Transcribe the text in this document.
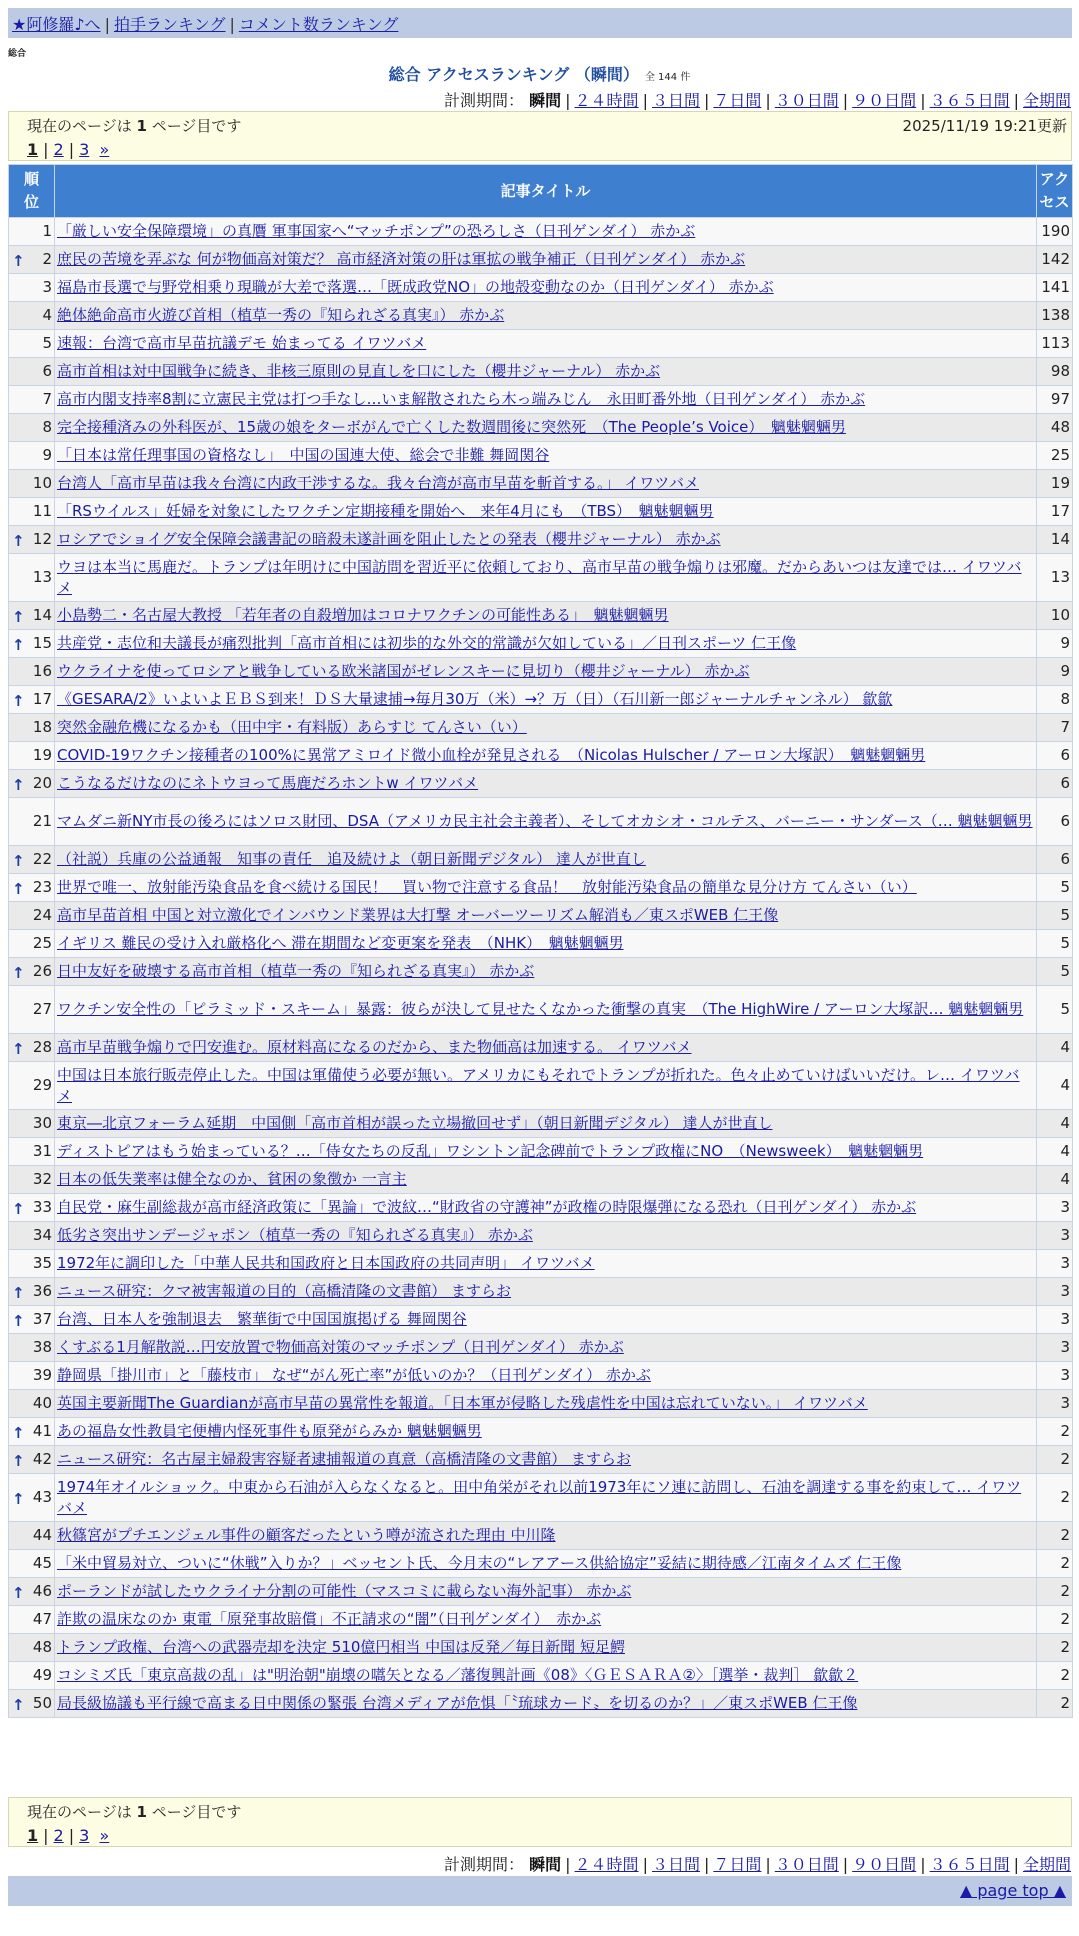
★阿修羅♪へ | 拍手ランキング | コメント数ランキング
総合
総合 アクセスランキング （瞬間） 全 144 件
計測期間： 瞬間 | ２４時間 | ３日間 | ７日間 | ３０日間 | ９０日間 | ３６５日間 | 全期間
現在のページは 1 ページ目です	2025/11/19 19:21更新
1 | 2 | 3 »
順位	記事タイトル	アクセス
1	「厳しい安全保障環境」の真贋 軍事国家へ“マッチポンプ”の恐ろしさ（日刊ゲンダイ） 赤かぶ	190

↑ 2	庶民の苦境を弄ぶな 何が物価高対策だ？ 高市経済対策の肝は軍拡の戦争補正（日刊ゲンダイ） 赤かぶ	142
3	福島市長選で与野党相乗り現職が大差で落選…「既成政党NO」の地殻変動なのか（日刊ゲンダイ） 赤かぶ	141
4	絶体絶命高市火遊び首相（植草一秀の『知られざる真実』） 赤かぶ	138
5	速報：台湾で高市早苗抗議デモ 始まってる イワツバメ	113
6	高市首相は対中国戦争に続き、非核三原則の見直しを口にした（櫻井ジャーナル） 赤かぶ	98
7	高市内閣支持率8割に立憲民主党は打つ手なし…いま解散されたら木っ端みじん　永田町番外地（日刊ゲンダイ） 赤かぶ	97
8	完全接種済みの外科医が、15歳の娘をターボがんで亡くした数週間後に突然死　（The People’s Voice）　魑魅魍魎男	48
9	「日本は常任理事国の資格なし」　中国の国連大使、総会で非難 舞岡関谷	25
10	台湾人「高市早苗は我々台湾に内政干渉するな。我々台湾が高市早苗を斬首する。」 イワツバメ	19
11	「RSウイルス」妊婦を対象にしたワクチン定期接種を開始へ　来年4月にも　（TBS）　魑魅魍魎男	17

↑ 12	ロシアでショイグ安全保障会議書記の暗殺未遂計画を阻止したとの発表（櫻井ジャーナル） 赤かぶ	14
13	ウヨは本当に馬鹿だ。トランプは年明けに中国訪問を習近平に依頼しており、高市早苗の戦争煽りは邪魔。だからあいつは友達では… イワツバメ	13

↑ 14	小島勢二・名古屋大教授 「若年者の自殺増加はコロナワクチンの可能性ある」　魑魅魍魎男	10

↑ 15	共産党・志位和夫議長が痛烈批判「高市首相には初歩的な外交的常識が欠如している」／日刊スポーツ 仁王像	9
16	ウクライナを使ってロシアと戦争している欧米諸国がゼレンスキーに見切り（櫻井ジャーナル） 赤かぶ	9

↑ 17	《GESARA/2》いよいよＥＢＳ到来！ＤＳ大量逮捕→毎月30万（米）→？万（日）（石川新一郎ジャーナルチャンネル） 歙歙	8
18	突然金融危機になるかも（田中宇・有料版）あらすじ てんさい（い）	7
19	COVID-19ワクチン接種者の100%に異常アミロイド微小血栓が発見される　（Nicolas Hulscher / アーロン大塚訳）　魑魅魍魎男	6

↑ 20	こうなるだけなのにネトウヨって馬鹿だろホントw イワツバメ	6
21	マムダニ新NY市長の後ろにはソロス財団、DSA（アメリカ民主社会主義者）、そしてオカシオ・コルテス、バーニー・サンダース（… 魑魅魍魎男	6

↑ 22	（社説）兵庫の公益通報　知事の責任　追及続けよ（朝日新聞デジタル） 達人が世直し	6

↑ 23	世界で唯一、放射能汚染食品を食べ続ける国民！　買い物で注意する食品！　放射能汚染食品の簡単な見分け方 てんさい（い）	5
24	高市早苗首相 中国と対立激化でインバウンド業界は大打撃 オーバーツーリズム解消も／東スポWEB 仁王像	5
25	イギリス 難民の受け入れ厳格化へ 滞在期間など変更案を発表　（NHK）　魑魅魍魎男	5

↑ 26	日中友好を破壊する高市首相（植草一秀の『知られざる真実』） 赤かぶ	5
27	ワクチン安全性の「ピラミッド・スキーム」暴露：彼らが決して見せたくなかった衝撃の真実　（The HighWire / アーロン大塚訳… 魑魅魍魎男	5

↑ 28	高市早苗戦争煽りで円安進む。原材料高になるのだから、また物価高は加速する。 イワツバメ	4
29	中国は日本旅行販売停止した。中国は軍備使う必要が無い。アメリカにもそれでトランプが折れた。色々止めていけばいいだけ。レ… イワツバメ	4
30	東京―北京フォーラム延期　中国側「高市首相が誤った立場撤回せず」（朝日新聞デジタル） 達人が世直し	4
31	ディストピアはもう始まっている？…「侍女たちの反乱」ワシントン記念碑前でトランプ政権にNO　（Newsweek）　魑魅魍魎男	4
32	日本の低失業率は健全なのか、貧困の象徴か 一言主	4

↑ 33	自民党・麻生副総裁が高市経済政策に「異論」で波紋…“財政省の守護神”が政権の時限爆弾になる恐れ（日刊ゲンダイ） 赤かぶ	3
34	低劣さ突出サンデージャポン（植草一秀の『知られざる真実』） 赤かぶ	3
35	1972年に調印した「中華人民共和国政府と日本国政府の共同声明」 イワツバメ	3

↑ 36	ニュース研究：クマ被害報道の目的（高橋清隆の文書館） ますらお	3

↑ 37	台湾、日本人を強制退去　繁華街で中国国旗掲げる 舞岡関谷	3
38	くすぶる1月解散説…円安放置で物価高対策のマッチポンプ（日刊ゲンダイ） 赤かぶ	3
39	静岡県「掛川市」と「藤枝市」 なぜ“がん死亡率”が低いのか？（日刊ゲンダイ） 赤かぶ	3
40	英国主要新聞The Guardianが高市早苗の異常性を報道。「日本軍が侵略した残虐性を中国は忘れていない。」 イワツバメ	3

↑ 41	あの福島女性教員宅便槽内怪死事件も原発がらみか 魑魅魍魎男	2

↑ 42	ニュース研究：名古屋主婦殺害容疑者逮捕報道の真意（高橋清隆の文書館） ますらお	2

↑ 43	1974年オイルショック。中東から石油が入らなくなると。田中角栄がそれ以前1973年にソ連に訪問し、石油を調達する事を約束して… イワツバメ	2
44	秋篠宮がプチエンジェル事件の顧客だったという噂が流された理由 中川隆	2
45	「米中貿易対立、ついに“休戦”入りか？」ベッセント氏、今月末の“レアアース供給協定”妥結に期待感／江南タイムズ 仁王像	2

↑ 46	ポーランドが試したウクライナ分割の可能性（マスコミに載らない海外記事） 赤かぶ	2
47	詐欺の温床なのか 東電「原発事故賠償」不正請求の“闇”（日刊ゲンダイ）　赤かぶ	2
48	トランプ政権、台湾への武器売却を決定 510億円相当 中国は反発／毎日新聞 短足鰐	2
49	コシミズ氏「東京高裁の乱」は"明治朝"崩壊の嚆矢となる／藩復興計画《08》〈ＧＥＳＡＲＡ②〉［選挙・裁判］ 歙歙２	2

↑ 50	局長級協議も平行線で高まる日中関係の緊張 台湾メディアが危惧「〝琉球カード〟を切るのか？」／東スポWEB 仁王像	2
現在のページは 1 ページ目です
1 | 2 | 3 »
計測期間： 瞬間 | ２４時間 | ３日間 | ７日間 | ３０日間 | ９０日間 | ３６５日間 | 全期間
▲ page top ▲
